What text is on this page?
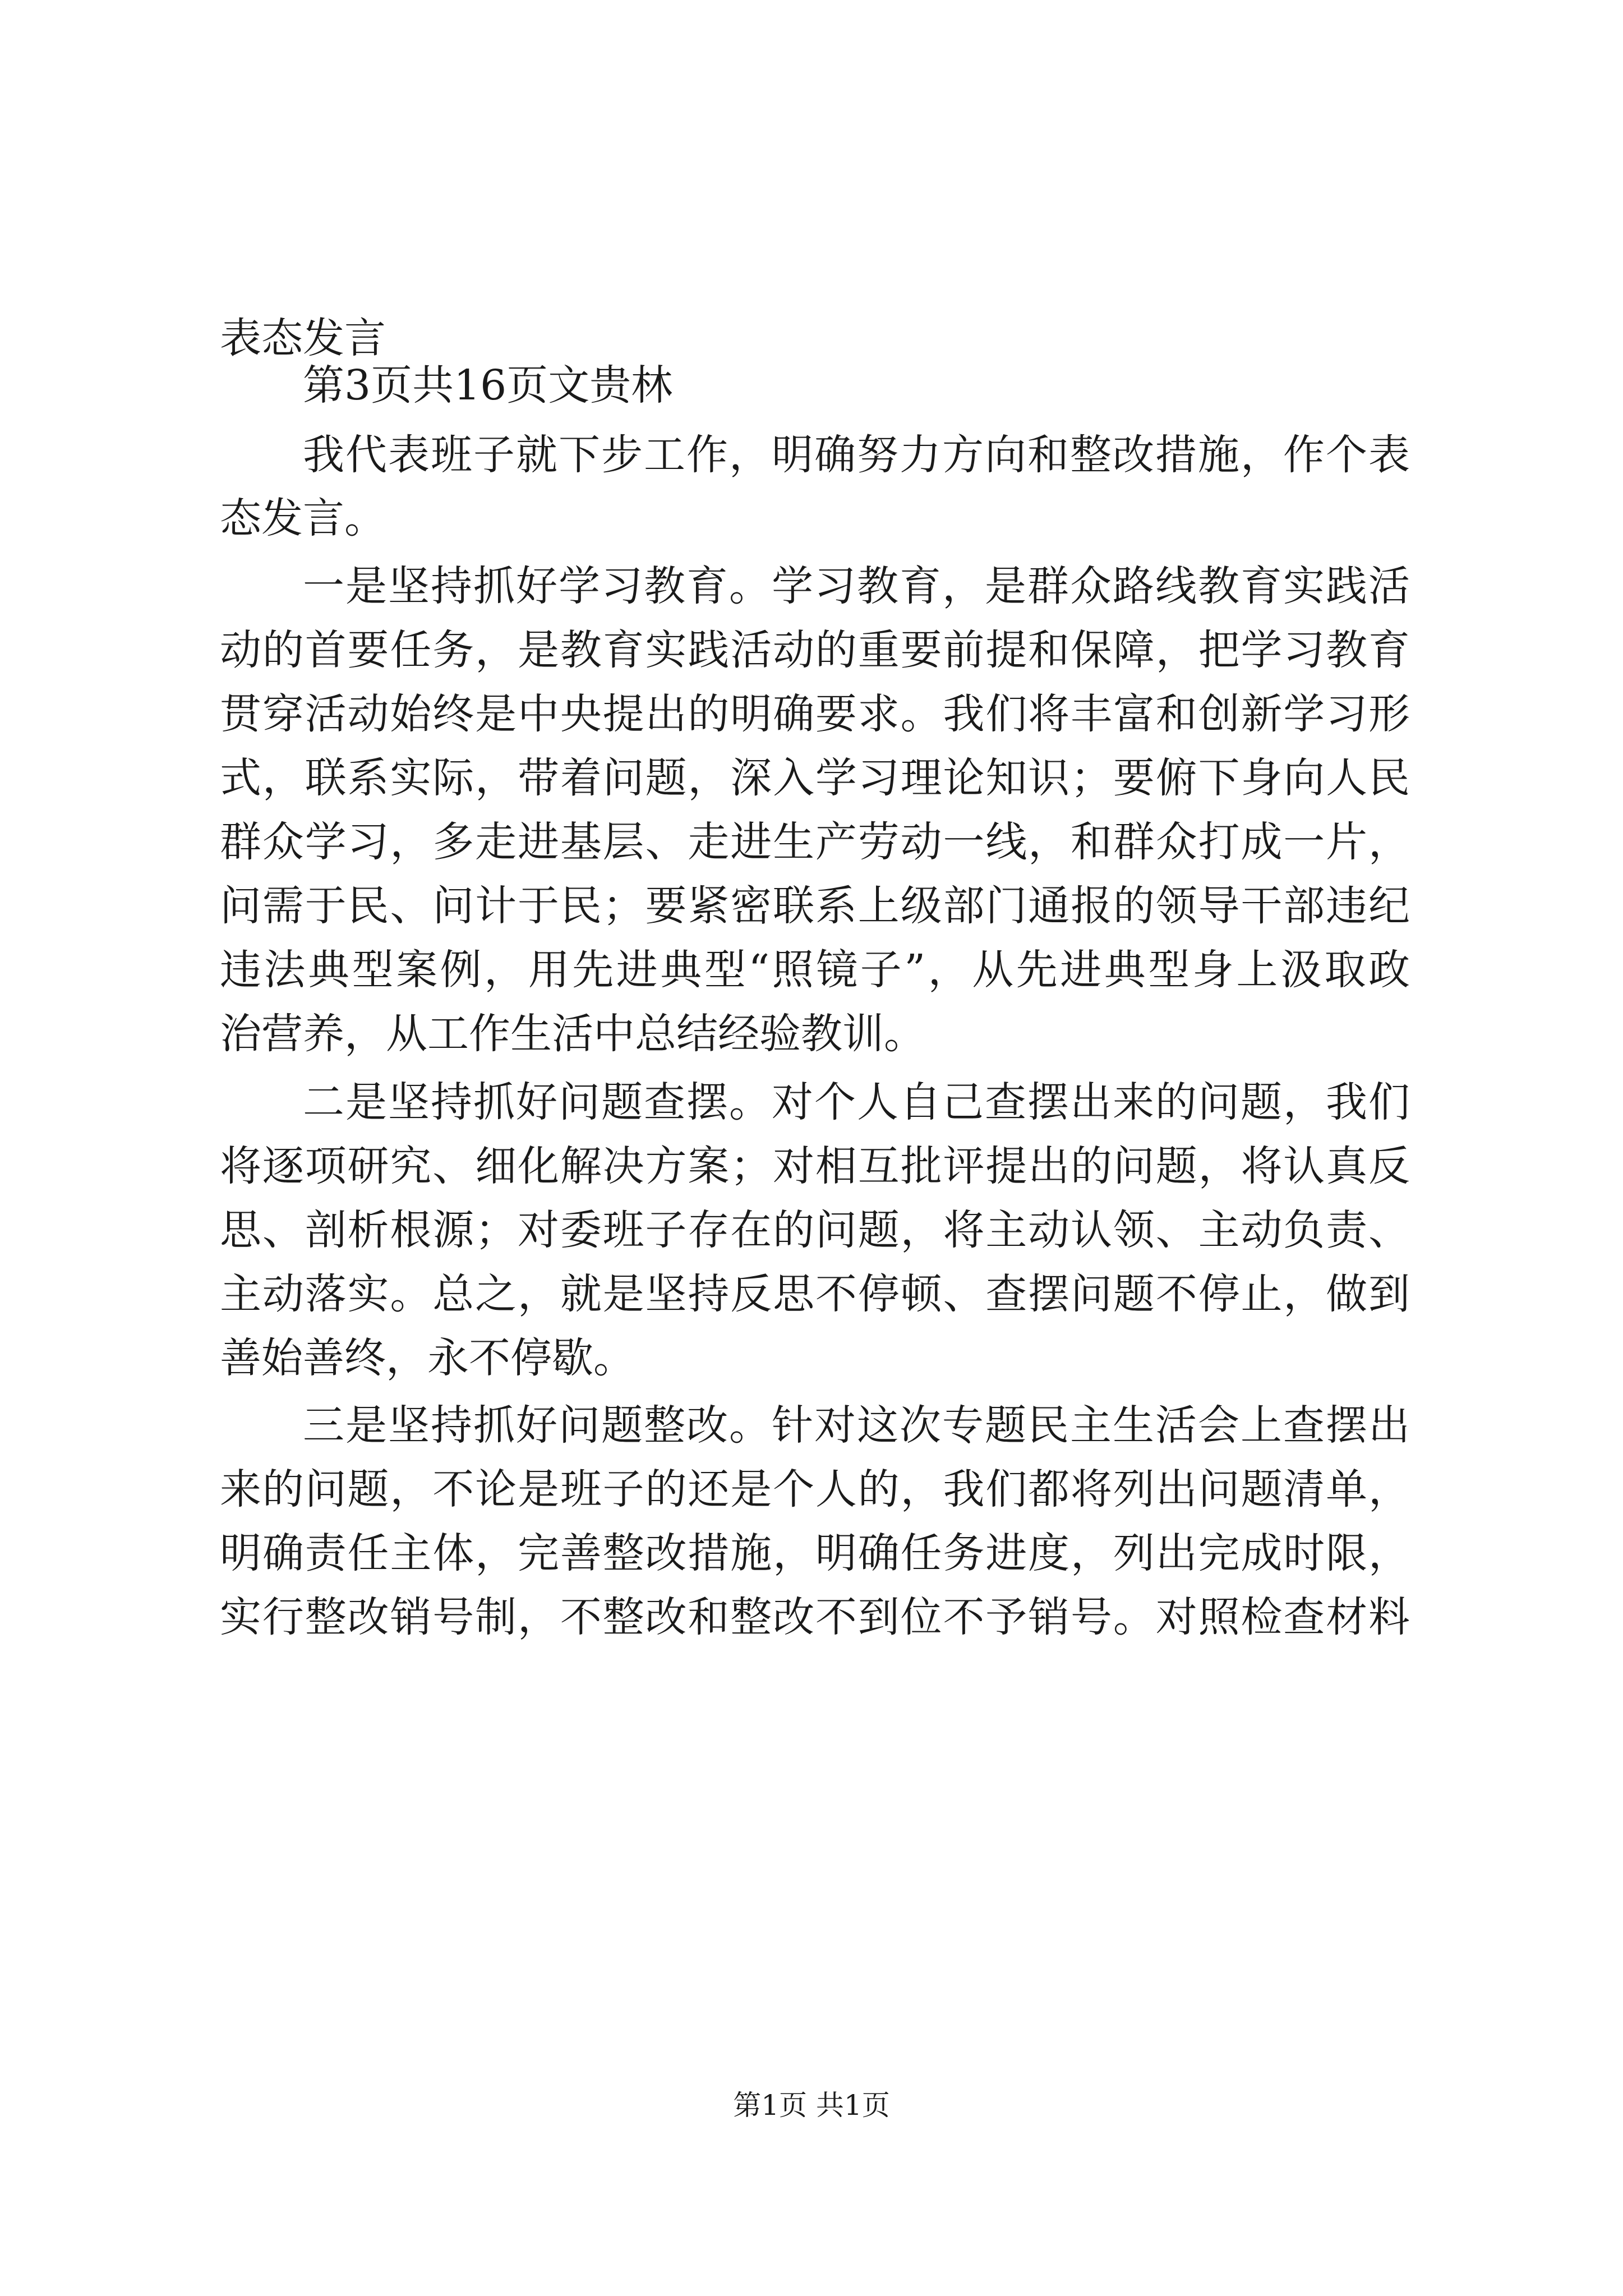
表态发言
第3页共16页文贵林
我代表班子就下步工作，明确努力方向和整改措施，作个表
态发言。
一是坚持抓好学习教育。学习教育，是群众路线教育实践活
动的首要任务，是教育实践活动的重要前提和保障，把学习教育
贯穿活动始终是中央提出的明确要求。我们将丰富和创新学习形
式，联系实际，带着问题，深入学习理论知识；要俯下身向人民
群众学习，多走进基层、走进生产劳动一线，和群众打成一片，
问需于民、问计于民；要紧密联系上级部门通报的领导干部违纪
违法典型案例，用先进典型“照镜子”，从先进典型身上汲取政
治营养，从工作生活中总结经验教训。
二是坚持抓好问题查摆。对个人自己查摆出来的问题，我们
将逐项研究、细化解决方案；对相互批评提出的问题，将认真反
思、剖析根源；对委班子存在的问题，将主动认领、主动负责、
主动落实。总之，就是坚持反思不停顿、查摆问题不停止，做到
善始善终，永不停歇。
三是坚持抓好问题整改。针对这次专题民主生活会上查摆出
来的问题，不论是班子的还是个人的，我们都将列出问题清单，
明确责任主体，完善整改措施，明确任务进度，列出完成时限，
实行整改销号制，不整改和整改不到位不予销号。对照检查材料
第1页 共1页
